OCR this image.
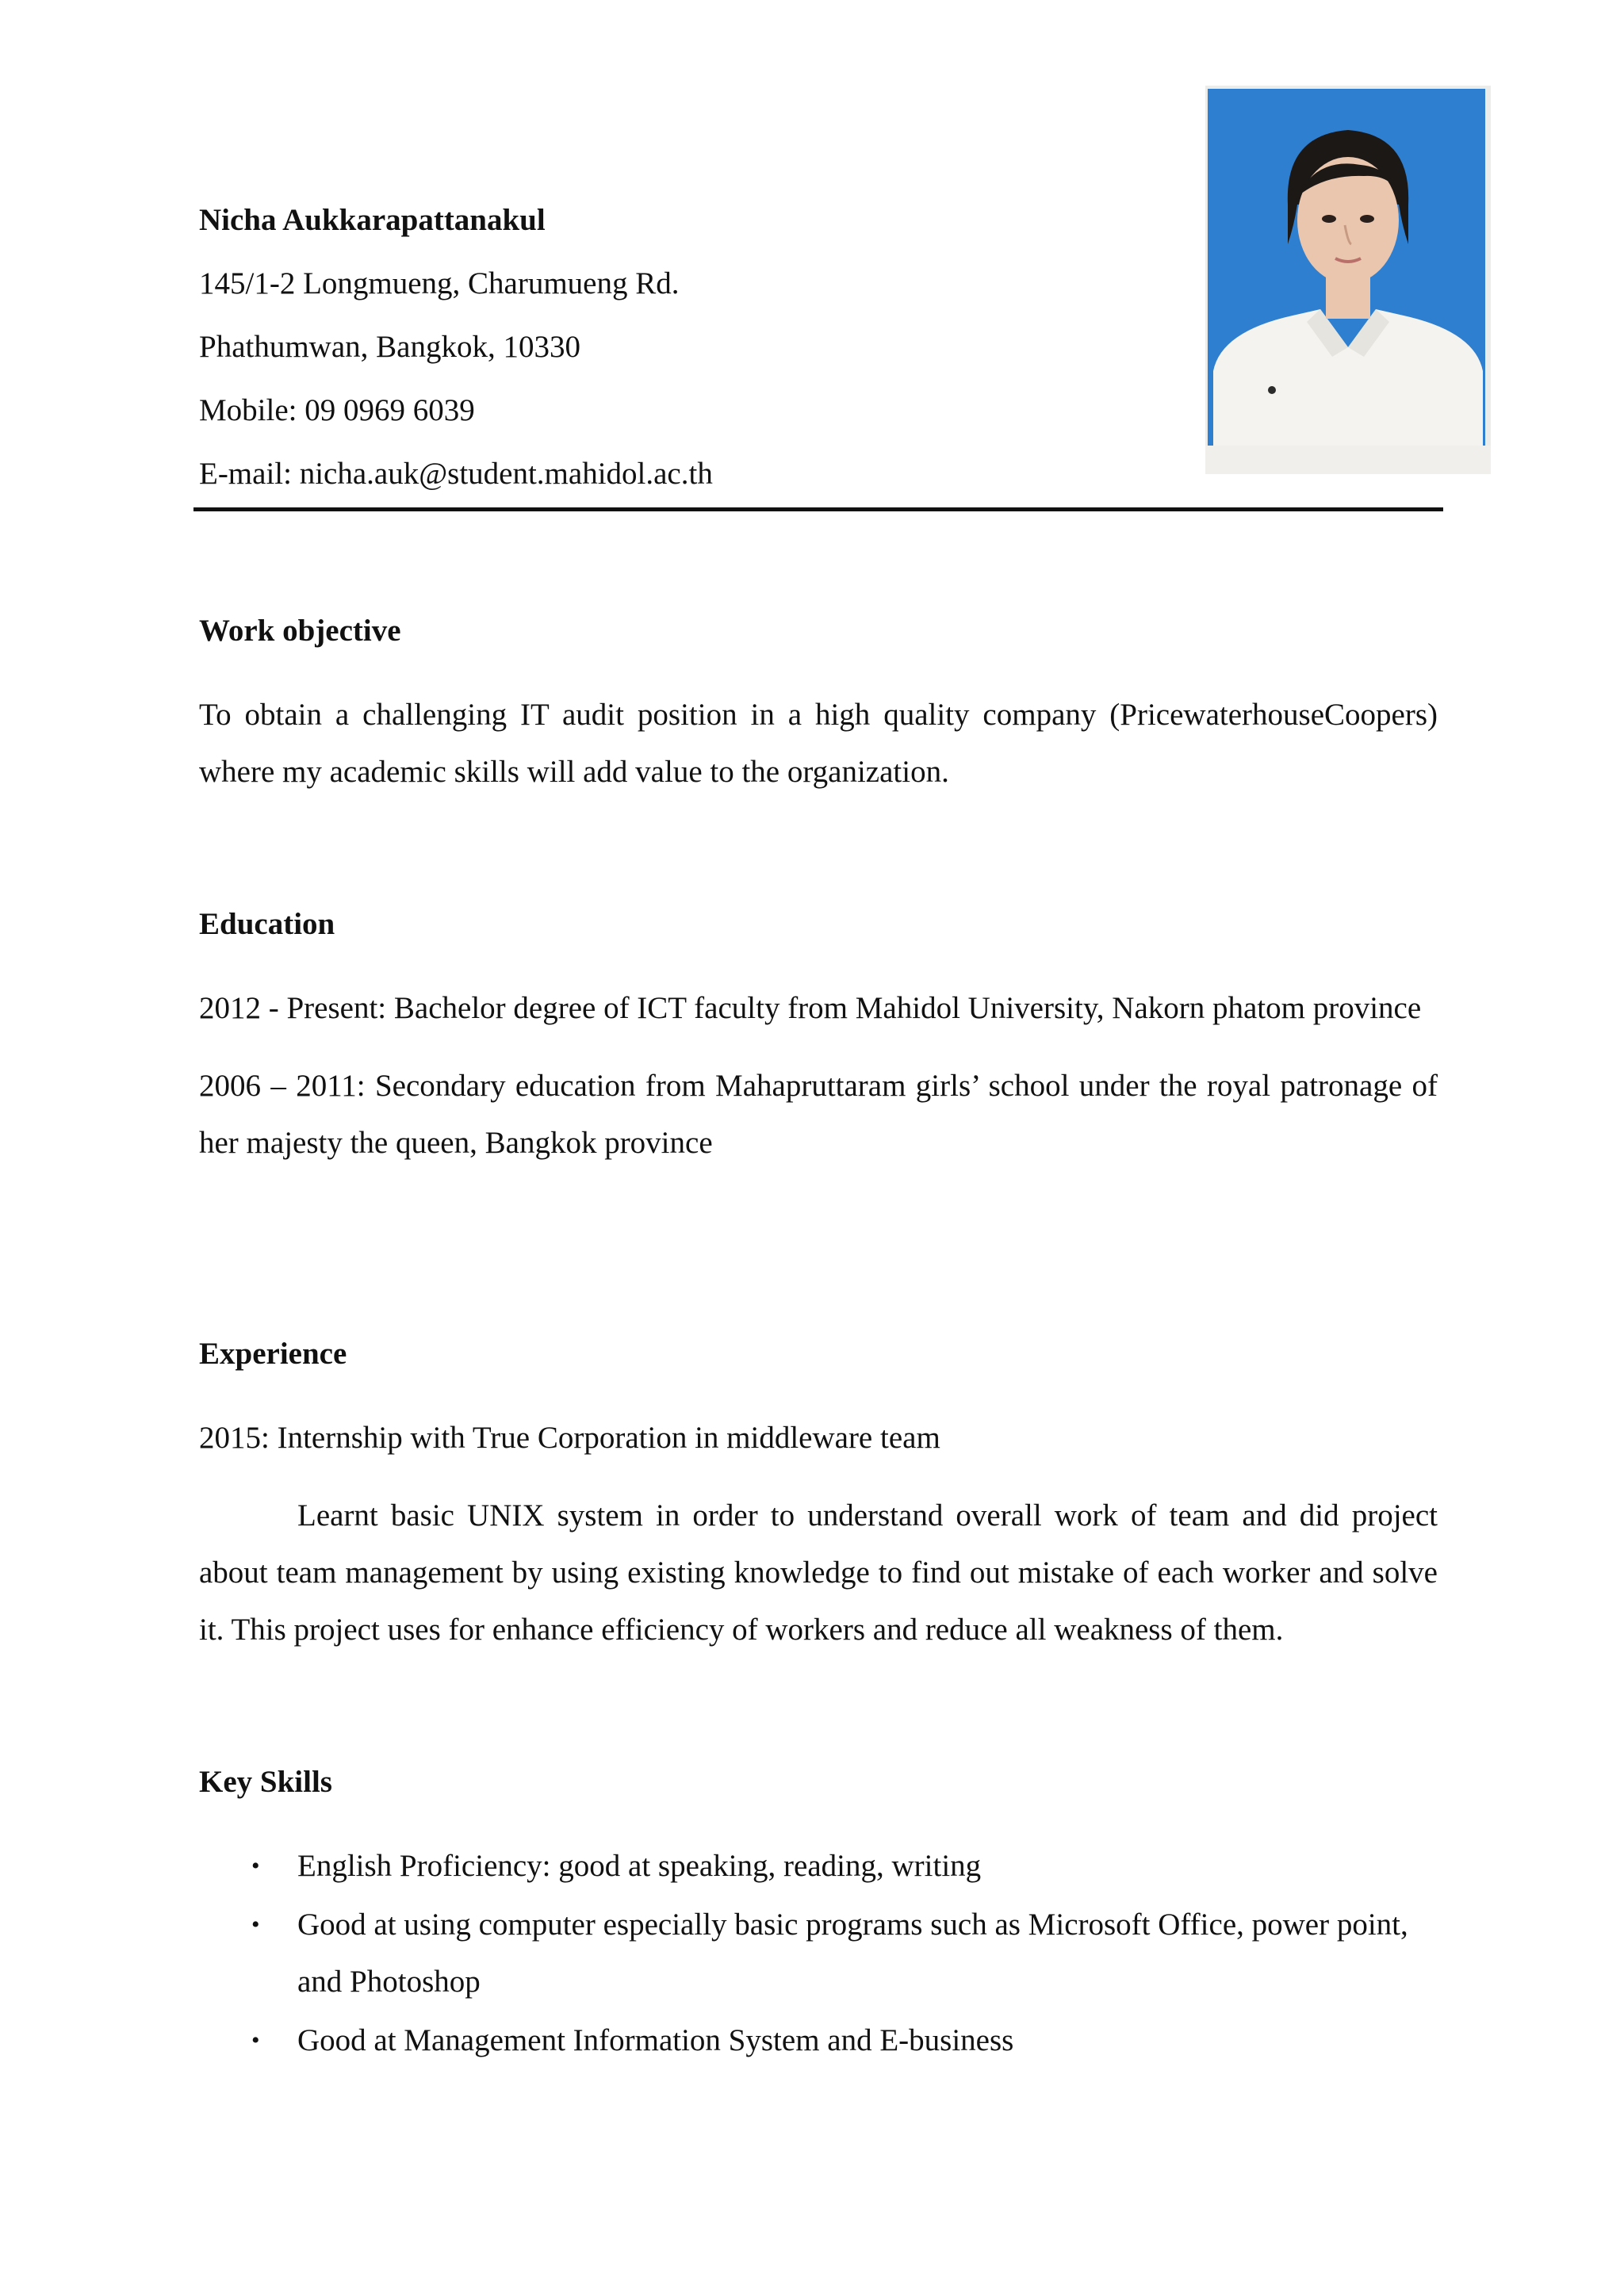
Nicha Aukkarapattanakul
145/1-2 Longmueng, Charumueng Rd.
Phathumwan, Bangkok, 10330
Mobile: 09 0969 6039
E-mail: nicha.auk@student.mahidol.ac.th
Work objective

To obtain a challenging IT audit position in a high quality company (PricewaterhouseCoopers) where my academic skills will add value to the organization.

Education

2012 - Present: Bachelor degree of ICT faculty from Mahidol University, Nakorn phatom province

2006 – 2011: Secondary education from Mahapruttaram girls’ school under the royal patronage of her majesty the queen, Bangkok province

Experience

2015: Internship with True Corporation in middleware team

Learnt basic UNIX system in order to understand overall work of team and did project about team management by using existing knowledge to find out mistake of each worker and solve it. This project uses for enhance efficiency of workers and reduce all weakness of them.

Key Skills
• English Proficiency: good at speaking, reading, writing
• Good at using computer especially basic programs such as Microsoft Office, power point, and Photoshop
• Good at Management Information System and E-business
